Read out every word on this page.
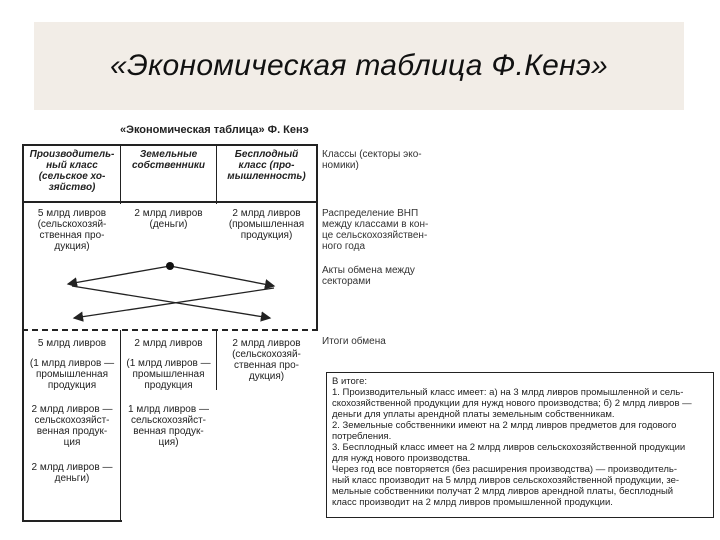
«Экономическая таблица Ф.Кенэ»
«Экономическая таблица» Ф. Кенэ
Производитель-
ный класс
(сельское хо-
зяйство)
Земельные
собственники
Бесплодный
класс (про-
мышленность)
5 млрд ливров
(сельскохозяй-
ственная про-
дукция)
2 млрд ливров
(деньги)
2 млрд ливров
(промышленная
продукция)
5 млрд ливров
(1 млрд ливров —
промышленная
продукция
2 млрд ливров —
сельскохозяйст-
венная продук-
ция
2 млрд ливров —
деньги)
2 млрд ливров
(1 млрд ливров —
промышленная
продукция
1 млрд ливров —
сельскохозяйст-
венная продук-
ция)
2 млрд ливров
(сельскохозяй-
ственная про-
дукция)
Классы (секторы эко-
номики)
Распределение ВНП
между классами в кон-
це сельскохозяйствен-
ного года
Акты обмена между
секторами
Итоги обмена
В итоге:
1. Производительный класс имеет: а) на 3 млрд ливров промышленной и сель-
скохозяйственной продукции для нужд нового производства; б) 2 млрд ливров —
деньги для уплаты арендной платы земельным собственникам.
2. Земельные собственники имеют на 2 млрд ливров предметов для годового
потребления.
3. Бесплодный класс имеет на 2 млрд ливров сельскохозяйственной продукции
для нужд нового производства.
Через год все повторяется (без расширения производства) — производитель-
ный класс производит на 5 млрд ливров сельскохозяйственной продукции, зе-
мельные собственники получат 2 млрд ливров арендной платы, бесплодный
класс производит на 2 млрд ливров промышленной продукции.
